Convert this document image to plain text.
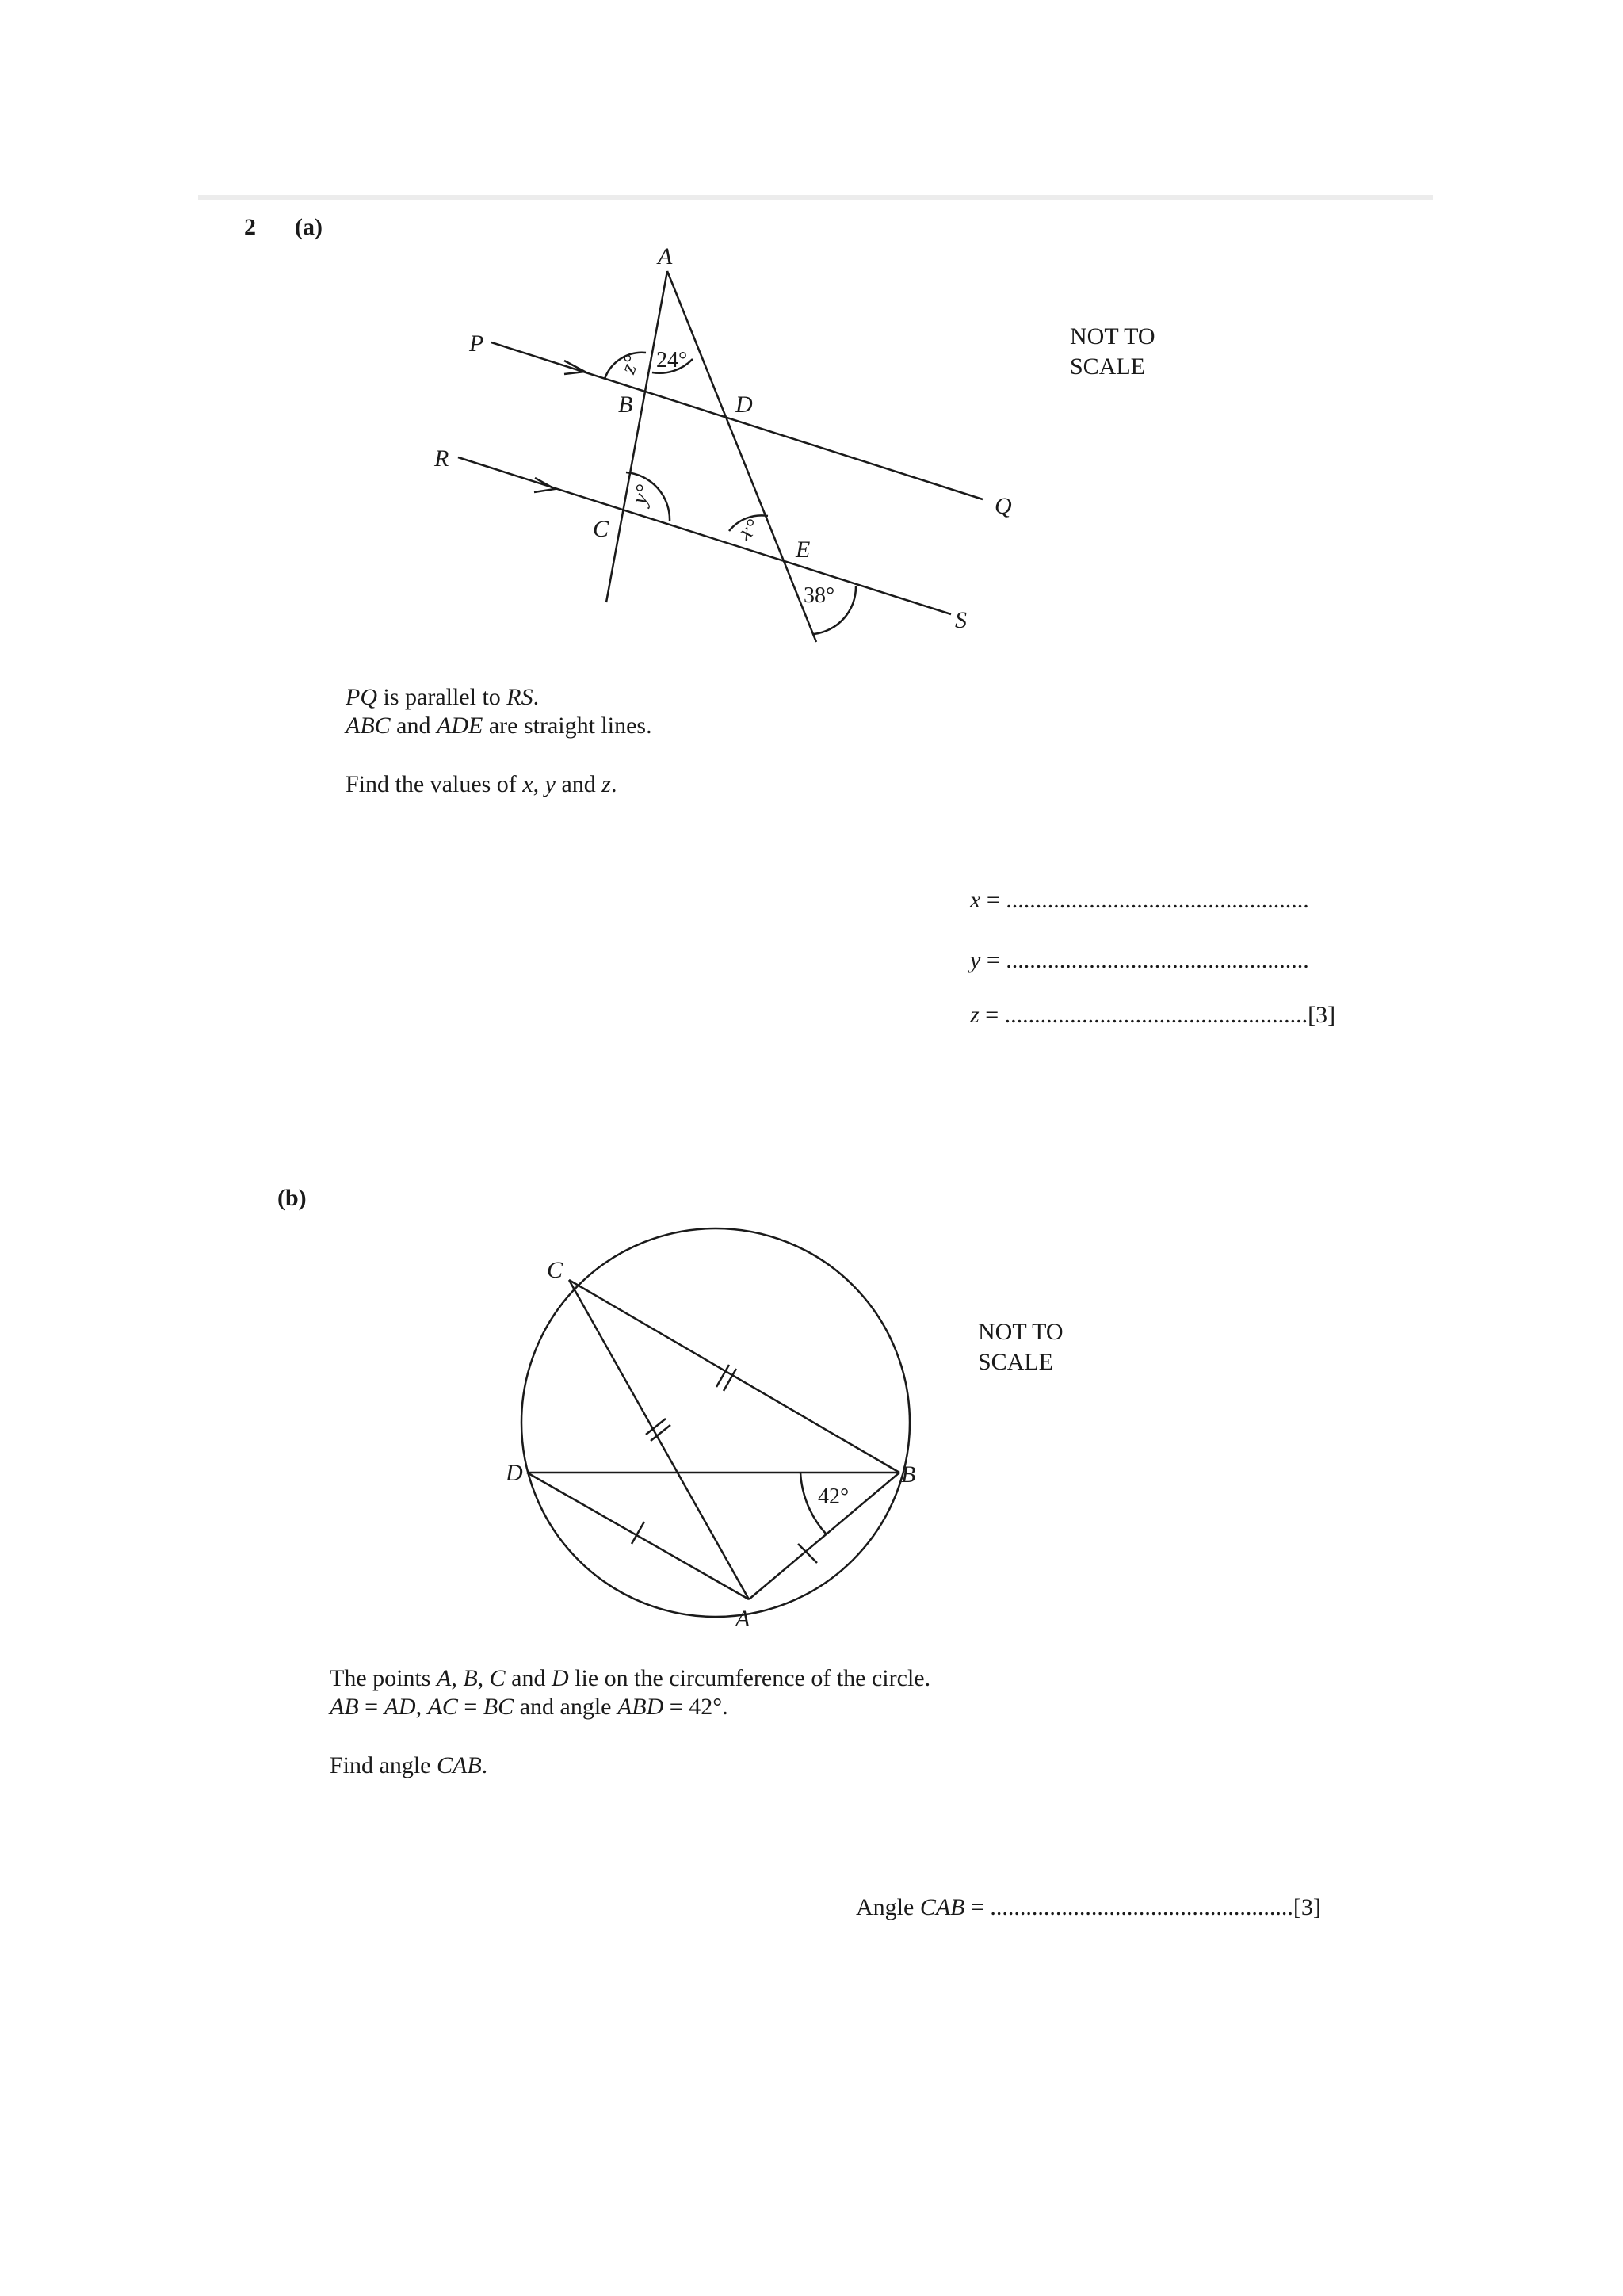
2 (a)
A
P
B	D
R
C
E
Q
S
z° 24°
y°
x°
38°
NOT TO
SCALE
PQ is parallel to RS.
ABC and ADE are straight lines.
Find the values of x, y and z.
x = ...................................................
y = ...................................................
z = ...................................................[3]
(b)
C
D	B
A
42°
NOT TO
SCALE
The points A, B, C and D lie on the circumference of the circle.
AB = AD, AC = BC and angle ABD = 42°.
Find angle CAB.
Angle CAB = ...................................................[3]
